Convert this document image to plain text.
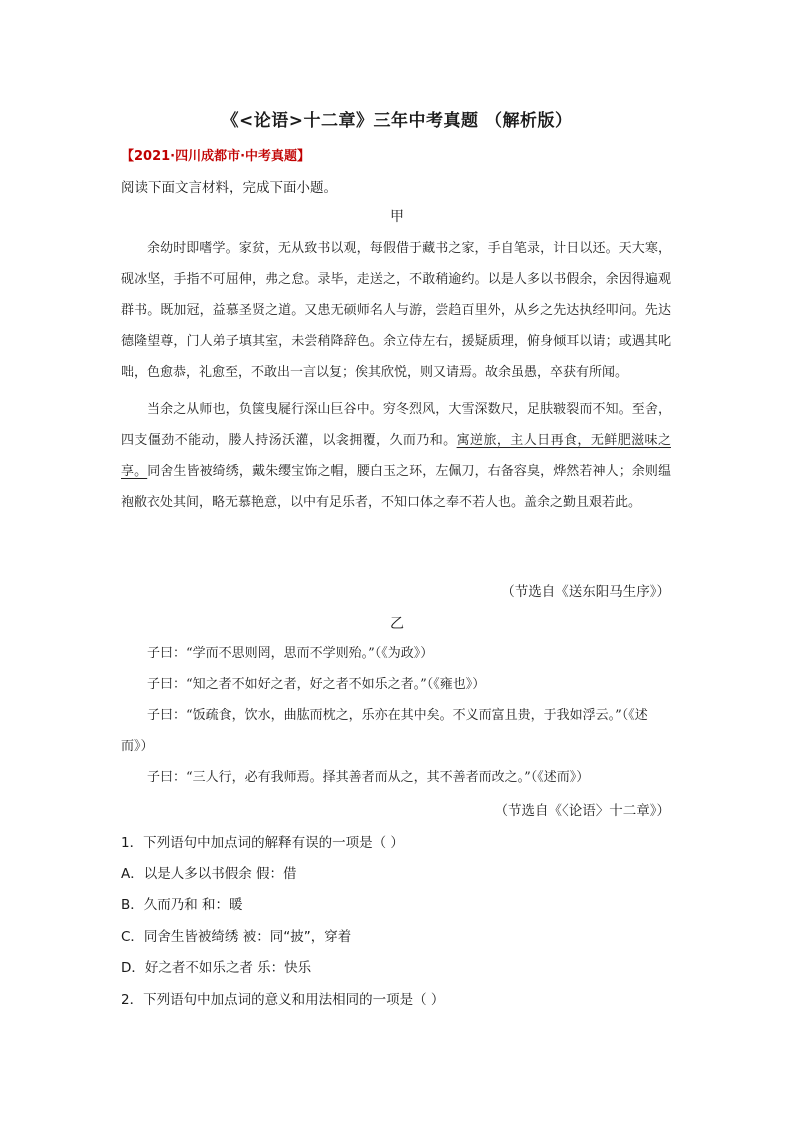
《<论语>十二章》三年中考真题 （解析版）
【2021·四川成都市·中考真题】
阅读下面文言材料，完成下面小题。
甲

余幼时即嗜学。家贫，无从致书以观，每假借于藏书之家，手自笔录，计日以还。天大寒，砚冰坚，手指不可屈伸，弗之怠。录毕，走送之，不敢稍逾约。以是人多以书假余，余因得遍观群书。既加冠，益慕圣贤之道。又患无硕师名人与游，尝趋百里外，从乡之先达执经叩问。先达德隆望尊，门人弟子填其室，未尝稍降辞色。余立侍左右，援疑质理，俯身倾耳以请；或遇其叱咄，色愈恭，礼愈至，不敢出一言以复；俟其欣悦，则又请焉。故余虽愚，卒获有所闻。

当余之从师也，负箧曳屣行深山巨谷中。穷冬烈风，大雪深数尺，足肤皲裂而不知。至舍，四支僵劲不能动，媵人持汤沃灌，以衾拥覆，久而乃和。寓逆旅，主人日再食，无鲜肥滋味之享。同舍生皆被绮绣，戴朱缨宝饰之帽，腰白玉之环，左佩刀，右备容臭，烨然若神人；余则缊袍敝衣处其间，略无慕艳意，以中有足乐者，不知口体之奉不若人也。盖余之勤且艰若此。

（节选自《送东阳马生序》）
乙

子曰：“学而不思则罔，思而不学则殆。”（《为政》）

子曰：“知之者不如好之者，好之者不如乐之者。”（《雍也》）

子曰：“饭疏食，饮水，曲肱而枕之，乐亦在其中矣。不义而富且贵，于我如浮云。”（《述而》）

子曰：“三人行，必有我师焉。择其善者而从之，其不善者而改之。”（《述而》）

（节选自《〈论语〉十二章》）
1．下列语句中加点词的解释有误的一项是（ ）
A．以是人多以书假余 假：借
B．久而乃和 和：暖
C．同舍生皆被绮绣 被：同“披”，穿着
D．好之者不如乐之者 乐：快乐
2．下列语句中加点词的意义和用法相同的一项是（ ）
